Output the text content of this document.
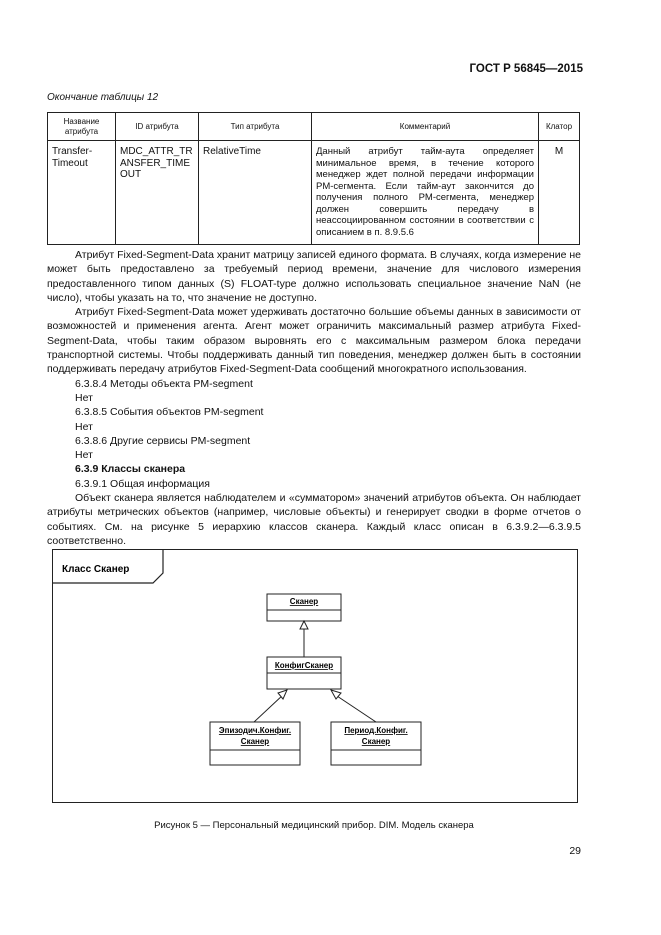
ГОСТ Р 56845—2015
Окончание таблицы 12
Название атрибута	ID атрибута	Тип атрибута	Комментарий	Клатор
Transfer-Timeout	MDC_ATTR_TRANSFER_TIMEOUT	RelativeTime	Данный атрибут тайм-аута определяет минимальное время, в течение которого менеджер ждет полной передачи информации PM-сегмента. Если тайм-аут закончится до получения полного PM-сегмента, менеджер должен совершить передачу в неассоциированном состоянии в соответствии с описанием в п. 8.9.5.6	M

Атрибут Fixed-Segment-Data хранит матрицу записей единого формата. В случаях, когда измерение не может быть предоставлено за требуемый период времени, значение для числового измерения предоставленного типом данных (S) FLOAT-type должно использовать специальное значение NaN (не число), чтобы указать на то, что значение не доступно.

Атрибут Fixed-Segment-Data может удерживать достаточно большие объемы данных в зависимости от возможностей и применения агента. Агент может ограничить максимальный размер атрибута Fixed-Segment-Data, чтобы таким образом выровнять его с максимальным размером блока передачи транспортной системы. Чтобы поддерживать данный тип поведения, менеджер должен быть в состоянии поддерживать передачу атрибутов Fixed-Segment-Data сообщений многократного использования.

6.3.8.4 Методы объекта PM-segment

Нет

6.3.8.5 События объектов PM-segment

Нет

6.3.8.6 Другие сервисы PM-segment

Нет

6.3.9 Классы сканера

6.3.9.1 Общая информация

Объект сканера является наблюдателем и «сумматором» значений атрибутов объекта. Он наблюдает атрибуты метрических объектов (например, числовые объекты) и генерирует сводки в форме отчетов о событиях. См. на рисунке 5 иерархию классов сканера. Каждый класс описан в 6.3.9.2—6.3.9.5 соответственно.

Класс Сканер
Сканер
КонфигСканер
Эпизодич.Конфиг.
Сканер
Период.Конфиг.
Сканер
Рисунок 5 — Персональный медицинский прибор. DIM. Модель сканера
29
